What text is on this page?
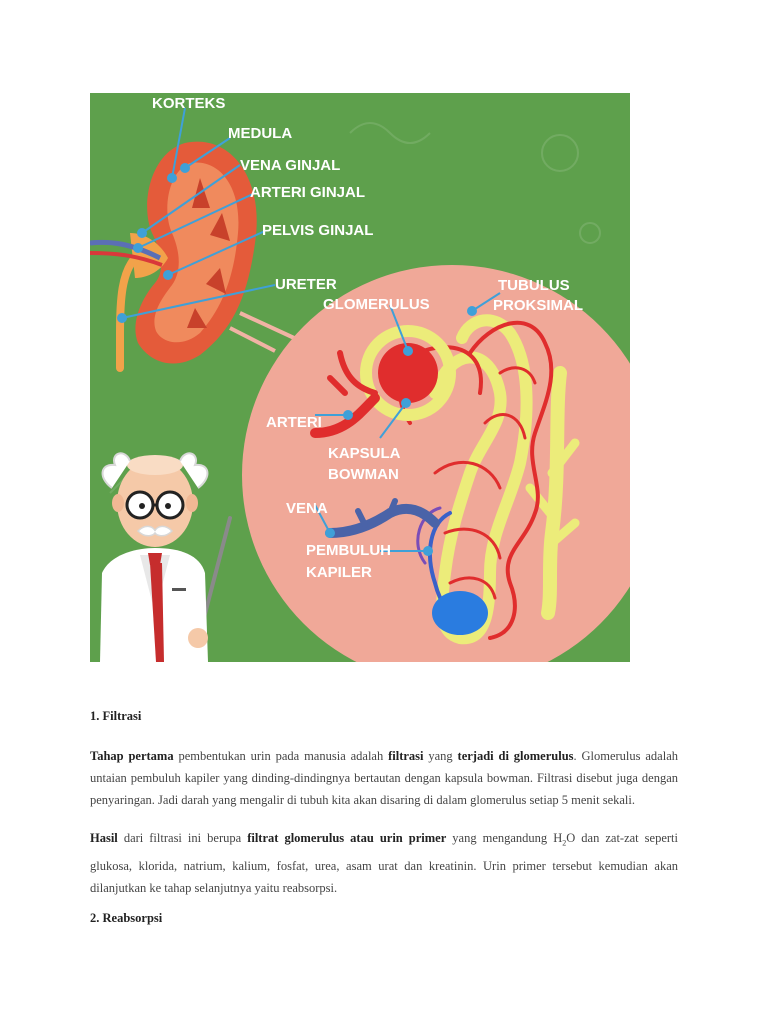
KORTEKS
MEDULA
VENA GINJAL
ARTERI GINJAL
PELVIS GINJAL
URETER
GLOMERULUS
TUBULUS
PROKSIMAL
ARTERI
KAPSULA
BOWMAN
VENA
PEMBULUH
KAPILER

1. Filtrasi

Tahap pertama pembentukan urin pada manusia adalah filtrasi yang terjadi di glomerulus. Glomerulus adalah untaian pembuluh kapiler yang dinding-dindingnya bertautan dengan kapsula bowman. Filtrasi disebut juga dengan penyaringan. Jadi darah yang mengalir di tubuh kita akan disaring di dalam glomerulus setiap 5 menit sekali.

Hasil dari filtrasi ini berupa filtrat glomerulus atau urin primer yang mengandung $H_2O$ dan zat-zat seperti glukosa, klorida, natrium, kalium, fosfat, urea, asam urat dan kreatinin. Urin primer tersebut kemudian akan dilanjutkan ke tahap selanjutnya yaitu reabsorpsi.

2. Reabsorpsi
